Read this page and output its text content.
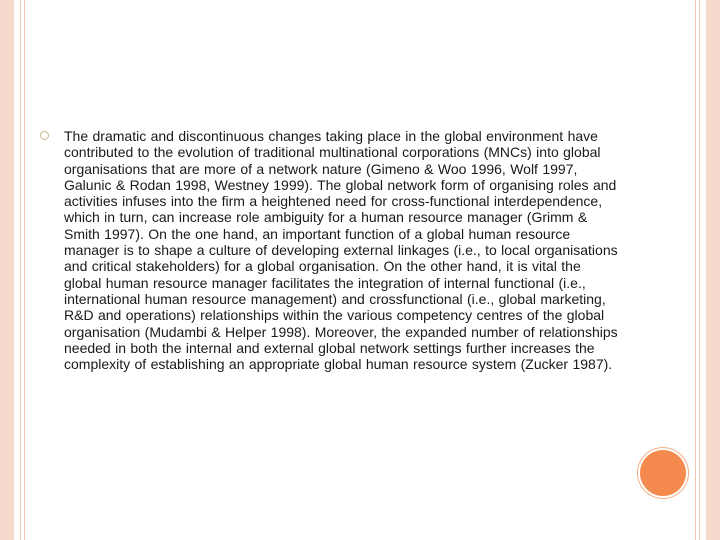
The dramatic and discontinuous changes taking place in the global environment have contributed to the evolution of traditional multinational corporations (MNCs) into global organisations that are more of a network nature (Gimeno & Woo 1996, Wolf 1997, Galunic & Rodan 1998, Westney 1999). The global network form of organising roles and activities infuses into the firm a heightened need for cross-functional interdependence, which in turn, can increase role ambiguity for a human resource manager (Grimm & Smith 1997). On the one hand, an important function of a global human resource manager is to shape a culture of developing external linkages (i.e., to local organisations and critical stakeholders) for a global organisation. On the other hand, it is vital the global human resource manager facilitates the integration of internal functional (i.e., international human resource management) and crossfunctional (i.e., global marketing, R&D and operations) relationships within the various competency centres of the global organisation (Mudambi & Helper 1998). Moreover, the expanded number of relationships needed in both the internal and external global network settings further increases the complexity of establishing an appropriate global human resource system (Zucker 1987).
